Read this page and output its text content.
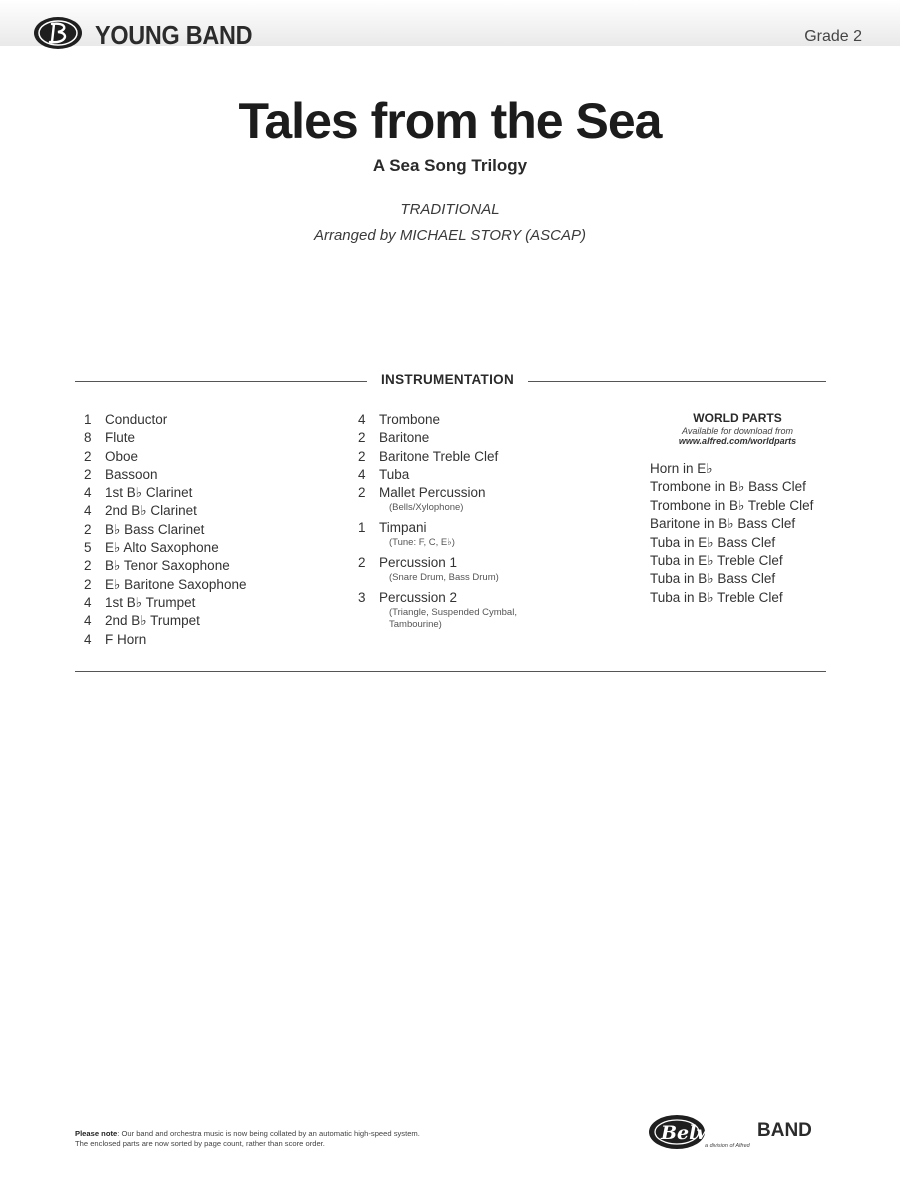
YOUNG BAND	Grade 2
Tales from the Sea
A Sea Song Trilogy
TRADITIONAL
Arranged by MICHAEL STORY (ASCAP)
INSTRUMENTATION
1 Conductor
8 Flute
2 Oboe
2 Bassoon
4 1st B♭ Clarinet
4 2nd B♭ Clarinet
2 B♭ Bass Clarinet
5 E♭ Alto Saxophone
2 B♭ Tenor Saxophone
2 E♭ Baritone Saxophone
4 1st B♭ Trumpet
4 2nd B♭ Trumpet
4 F Horn
4 Trombone
2 Baritone
2 Baritone Treble Clef
4 Tuba
2 Mallet Percussion
(Bells/Xylophone)
1 Timpani
(Tune: F, C, E♭)
2 Percussion 1
(Snare Drum, Bass Drum)
3 Percussion 2
(Triangle, Suspended Cymbal, Tambourine)
WORLD PARTS
Available for download from
www.alfred.com/worldparts
Horn in E♭
Trombone in B♭ Bass Clef
Trombone in B♭ Treble Clef
Baritone in B♭ Bass Clef
Tuba in E♭ Bass Clef
Tuba in E♭ Treble Clef
Tuba in B♭ Bass Clef
Tuba in B♭ Treble Clef
Please note: Our band and orchestra music is now being collated by an automatic high-speed system.
The enclosed parts are now sorted by page count, rather than score order.	Belwin BAND
a division of Alfred
